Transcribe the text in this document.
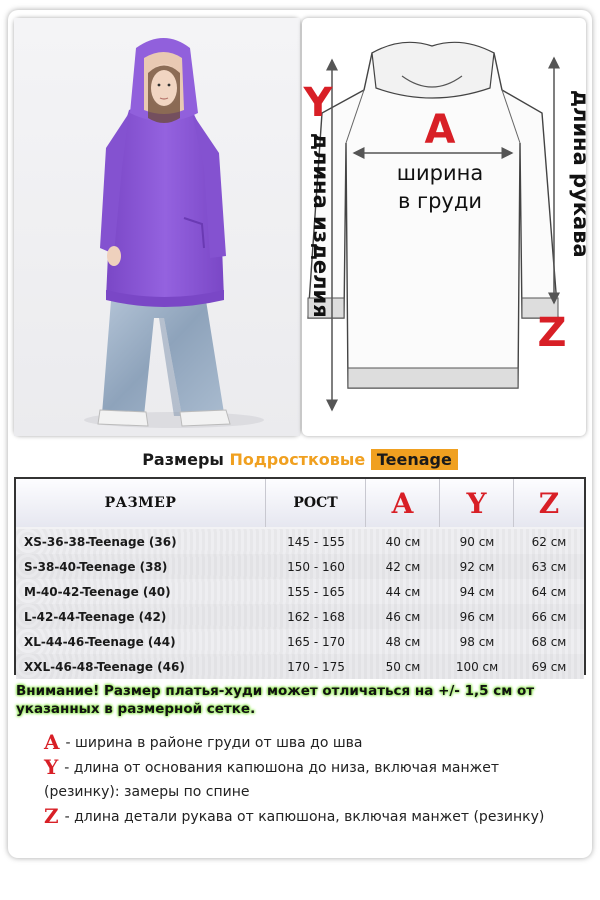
A
Y
Z
ширина
в груди
длина изделия	длина рукава
Размеры Подростковые Teenage
РАЗМЕР	РОСТ	A	Y	Z
XS-36-38-Teenage (36)	145 - 155	40 см	90 см	62 см
S-38-40-Teenage (38)	150 - 160	42 см	92 см	63 см
M-40-42-Teenage (40)	155 - 165	44 см	94 см	64 см
L-42-44-Teenage (42)	162 - 168	46 см	96 см	66 см
XL-44-46-Teenage (44)	165 - 170	48 см	98 см	68 см
XXL-46-48-Teenage (46)	170 - 175	50 см	100 см	69 см
Внимание! Размер платья-худи может отличаться на +/- 1,5 см от указанных в размерной сетке.
A - ширина в районе груди от шва до шва
Y - длина от основания капюшона до низа, включая манжет (резинку): замеры по спине
Z - длина детали рукава от капюшона, включая манжет (резинку)
